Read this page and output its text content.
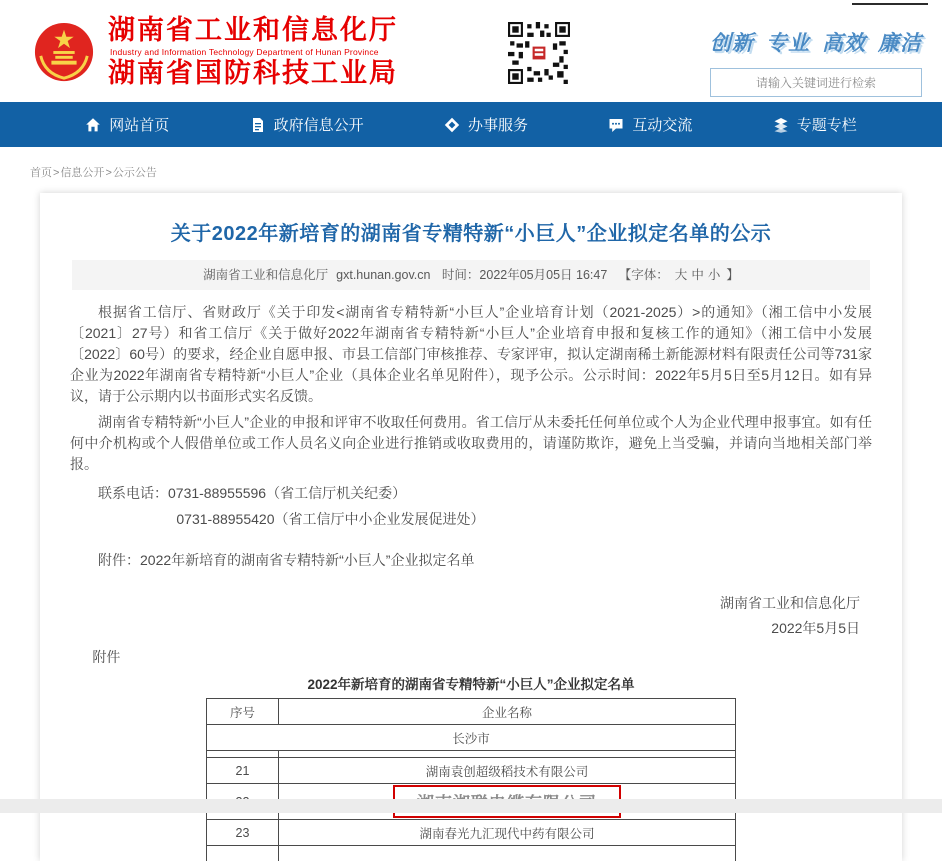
湖南省工业和信息化厅
Industry and Information Technology Department of Hunan Province
湖南省国防科技工业局
创新 专业 高效 廉洁
请输入关键词进行检索
网站首页	政府信息公开	办事服务	互动交流	专题专栏
首页>信息公开>公示公告
关于2022年新培育的湖南省专精特新“小巨人”企业拟定名单的公示
湖南省工业和信息化厅 gxt.hunan.gov.cn 时间：2022年05月05日 16:47 【字体： 大 中 小 】

根据省工信厅、省财政厅《关于印发<湖南省专精特新“小巨人”企业培育计划（2021-2025）>的通知》（湘工信中小发展〔2021〕27号）和省工信厅《关于做好2022年湖南省专精特新“小巨人”企业培育申报和复核工作的通知》（湘工信中小发展〔2022〕60号）的要求，经企业自愿申报、市县工信部门审核推荐、专家评审，拟认定湖南稀土新能源材料有限责任公司等731家企业为2022年湖南省专精特新“小巨人”企业（具体企业名单见附件），现予公示。公示时间：2022年5月5日至5月12日。如有异议，请于公示期内以书面形式实名反馈。

湖南省专精特新“小巨人”企业的申报和评审不收取任何费用。省工信厅从未委托任何单位或个人为企业代理申报事宜。如有任何中介机构或个人假借单位或工作人员名义向企业进行推销或收取费用的，请谨防欺诈，避免上当受骗，并请向当地相关部门举报。

联系电话：0731-88955596（省工信厅机关纪委）

0731-88955420（省工信厅中小企业发展促进处）

附件：2022年新培育的湖南省专精特新“小巨人”企业拟定名单

湖南省工业和信息化厅
2022年5月5日

附件

2022年新培育的湖南省专精特新“小巨人”企业拟定名单
序号	企业名称
长沙市	

21	湖南袁创超级稻技术有限公司

23	湖南春光九汇现代中药有限公司
